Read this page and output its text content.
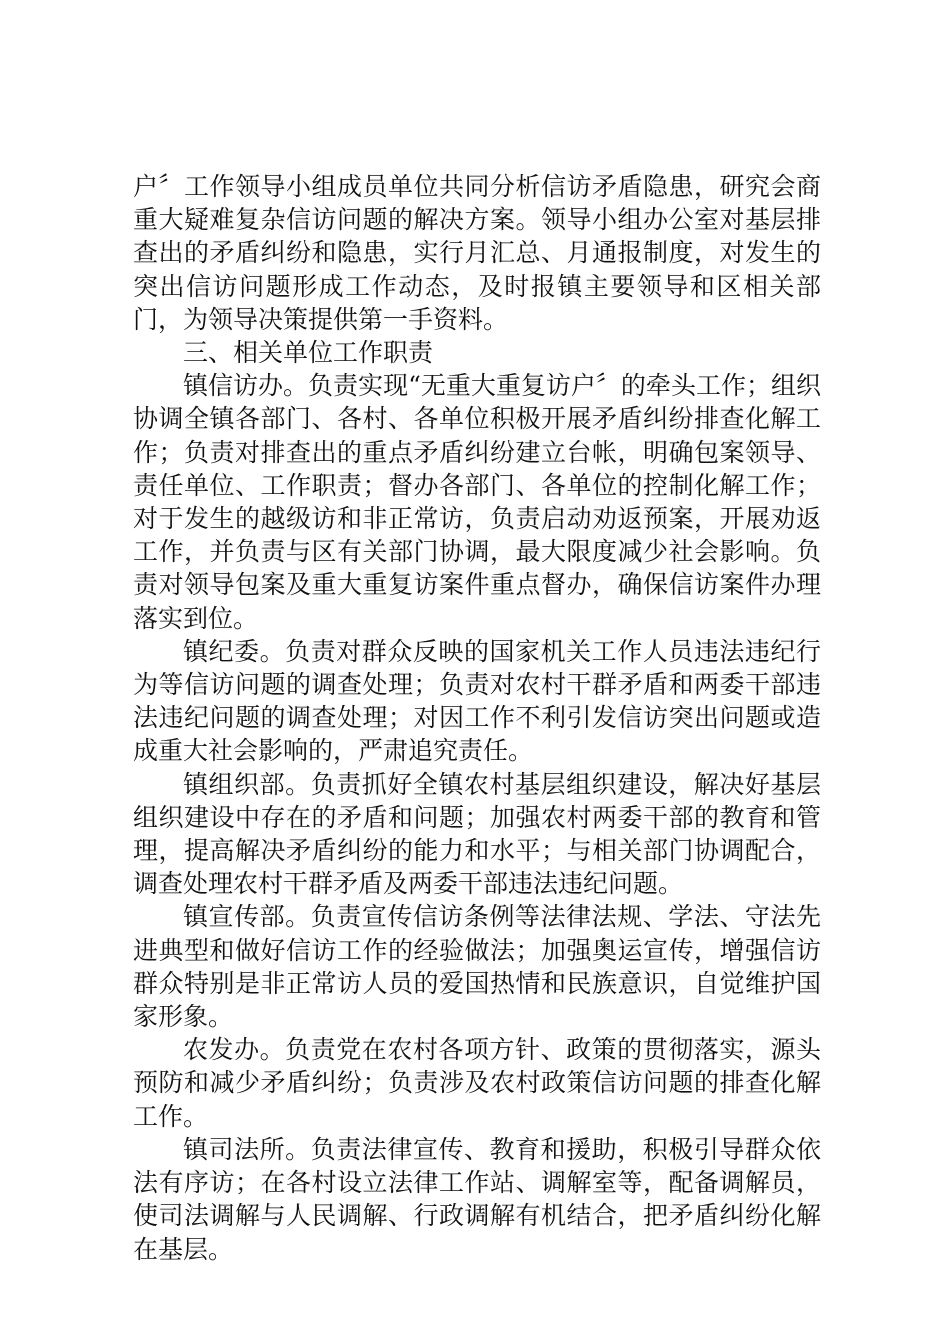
户〞工作领导小组成员单位共同分析信访矛盾隐患，研究会商重大疑难复杂信访问题的解决方案。领导小组办公室对基层排查出的矛盾纠纷和隐患，实行月汇总、月通报制度，对发生的突出信访问题形成工作动态，及时报镇主要领导和区相关部门，为领导决策提供第一手资料。

三、相关单位工作职责

镇信访办。负责实现“无重大重复访户〞的牵头工作；组织协调全镇各部门、各村、各单位积极开展矛盾纠纷排查化解工作；负责对排查出的重点矛盾纠纷建立台帐，明确包案领导、责任单位、工作职责；督办各部门、各单位的控制化解工作；对于发生的越级访和非正常访，负责启动劝返预案，开展劝返工作，并负责与区有关部门协调，最大限度减少社会影响。负责对领导包案及重大重复访案件重点督办，确保信访案件办理落实到位。

镇纪委。负责对群众反映的国家机关工作人员违法违纪行为等信访问题的调查处理；负责对农村干群矛盾和两委干部违法违纪问题的调查处理；对因工作不利引发信访突出问题或造成重大社会影响的，严肃追究责任。

镇组织部。负责抓好全镇农村基层组织建设，解决好基层组织建设中存在的矛盾和问题；加强农村两委干部的教育和管理，提高解决矛盾纠纷的能力和水平；与相关部门协调配合，调查处理农村干群矛盾及两委干部违法违纪问题。

镇宣传部。负责宣传信访条例等法律法规、学法、守法先进典型和做好信访工作的经验做法；加强奥运宣传，增强信访群众特别是非正常访人员的爱国热情和民族意识，自觉维护国家形象。

农发办。负责党在农村各项方针、政策的贯彻落实，源头预防和减少矛盾纠纷；负责涉及农村政策信访问题的排查化解工作。

镇司法所。负责法律宣传、教育和援助，积极引导群众依法有序访；在各村设立法律工作站、调解室等，配备调解员，使司法调解与人民调解、行政调解有机结合，把矛盾纠纷化解在基层。
